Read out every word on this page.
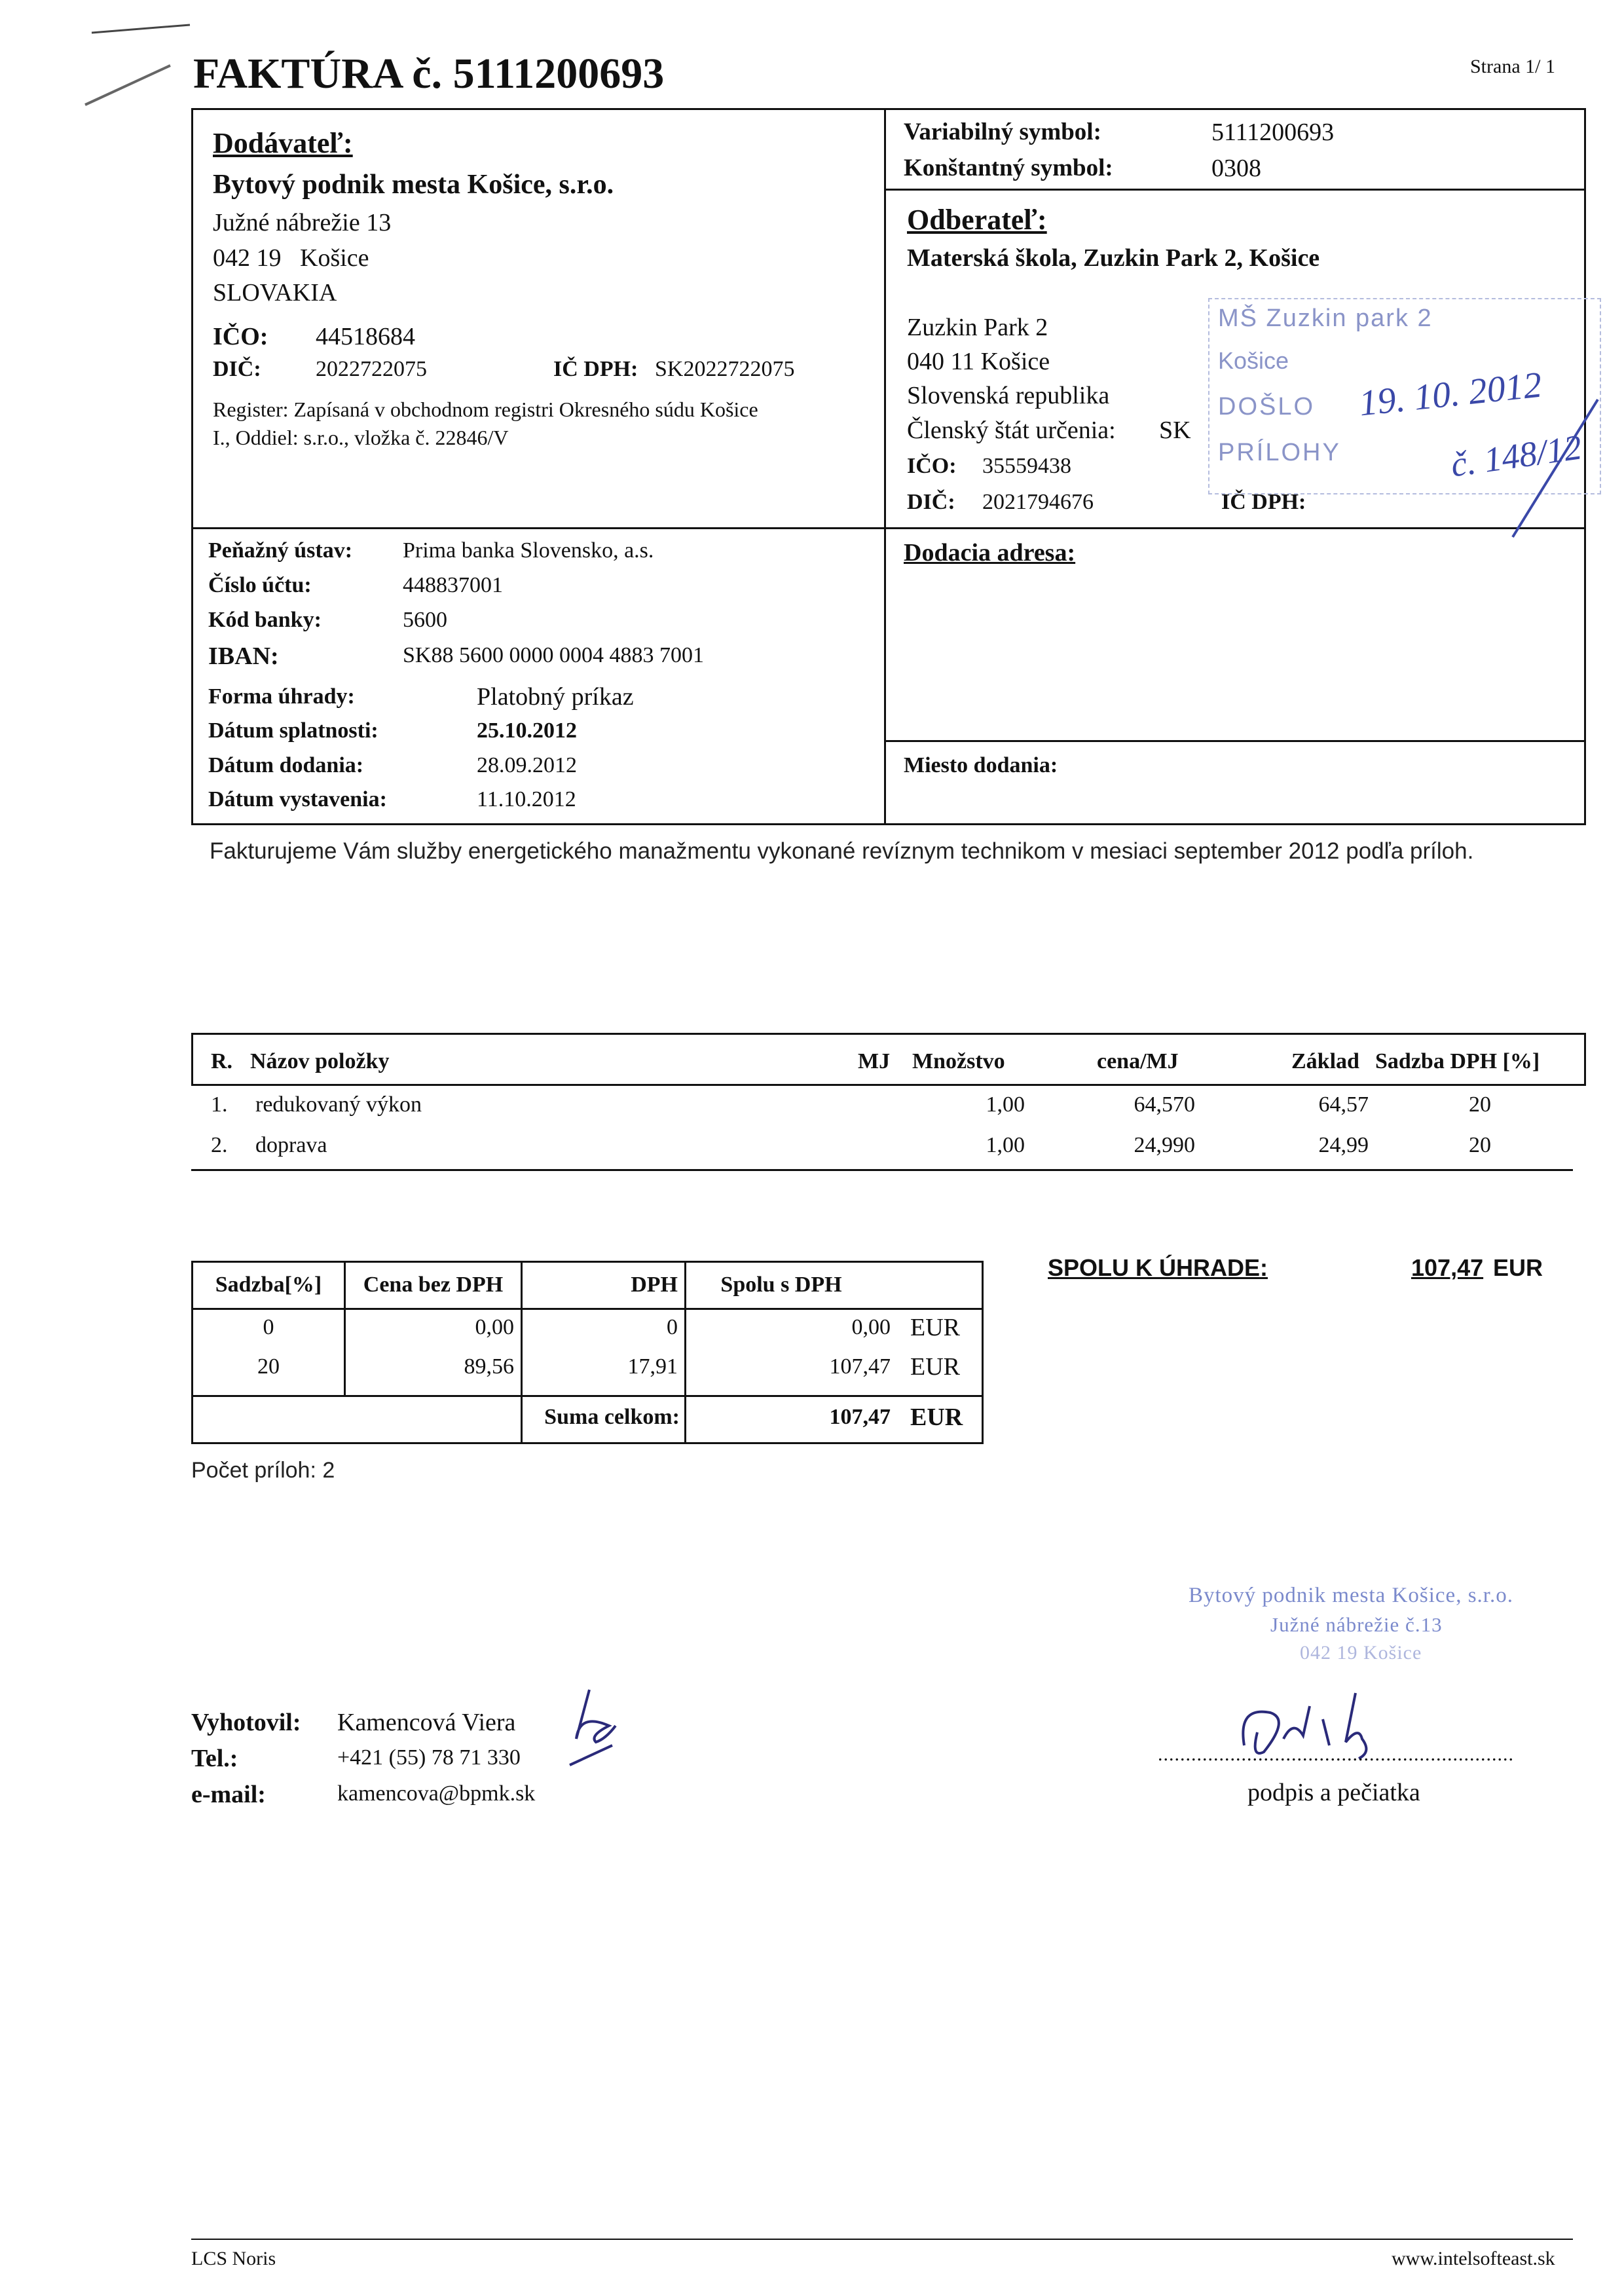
FAKTÚRA č. 5111200693	Strana 1/ 1
Dodávateľ:
Bytový podnik mesta Košice, s.r.o.
Južné nábrežie 13
042 19   Košice
SLOVAKIA
IČO: 44518684
DIČ: 2022722075	IČ DPH: SK2022722075
Register: Zapísaná v obchodnom registri Okresného súdu Košice
I., Oddiel: s.r.o., vložka č. 22846/V
Variabilný symbol:	5111200693
Konštantný symbol:	0308
Odberateľ:
Materská škola, Zuzkin Park 2, Košice
Zuzkin Park 2
040 11 Košice
Slovenská republika
Členský štát určenia: SK
IČO: 35559438
DIČ: 2021794676	IČ DPH:
MŠ Zuzkin park 2
Košice
DOŠLO
PRÍLOHY
19. 10. 2012
č. 148/12
Peňažný ústav: Prima banka Slovensko, a.s.
Číslo účtu:	448837001
Kód banky:	5600
IBAN:	SK88 5600 0000 0004 4883 7001
Forma úhrady:	Platobný príkaz
Dátum splatnosti:	25.10.2012
Dátum dodania:	28.09.2012
Dátum vystavenia:	11.10.2012
Dodacia adresa:
Miesto dodania:
Fakturujeme Vám služby energetického manažmentu vykonané revíznym technikom v mesiaci september 2012 podľa príloh.
R. Názov položky	MJ Množstvo	cena/MJ	Základ Sadzba DPH [%]
1. redukovaný výkon	1,00	64,570	64,57	20
2. doprava	1,00	24,990	24,99	20
Sadzba[%]	Cena bez DPH	DPH	Spolu s DPH
0	0,00	0	0,00 EUR
20	89,56	17,91	107,47 EUR
Suma celkom:	107,47 EUR
SPOLU K ÚHRADE:	107,47 EUR
Počet príloh: 2
Vyhotovil: Kamencová Viera
Tel.:	+421 (55) 78 71 330
e-mail:	kamencova@bpmk.sk
Bytový podnik mesta Košice, s.r.o.
Južné nábrežie č.13
042 19 Košice
................................................................
podpis a pečiatka
LCS Noris	www.intelsofteast.sk
